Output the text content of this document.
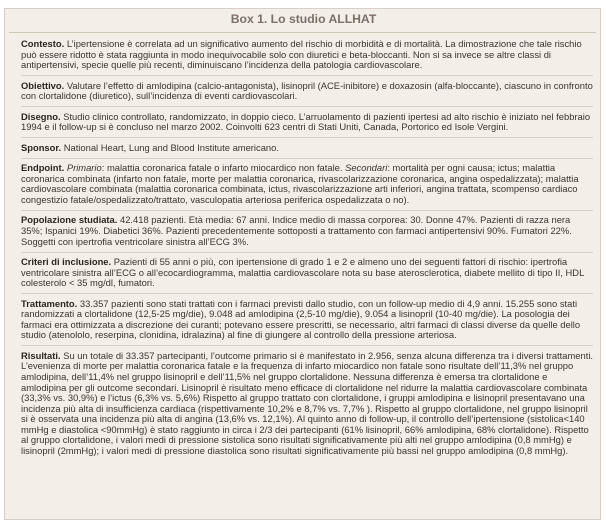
Box 1. Lo studio ALLHAT

Contesto. L’ipertensione è correlata ad un significativo aumento del rischio di morbidità e di mortalità. La dimostrazione che tale rischio può essere ridotto è stata raggiunta in modo inequivocabile solo con diuretici e beta-bloccanti. Non si sa invece se altre classi di antipertensivi, specie quelle più recenti, diminuiscano l’incidenza della patologia cardiovascolare.

Obiettivo. Valutare l’effetto di amlodipina (calcio-antagonista), lisinopril (ACE-inibitore) e doxazosin (alfa-bloccante), ciascuno in confronto con clortalidone (diuretico), sull’incidenza di eventi cardiovascolari.

Disegno. Studio clinico controllato, randomizzato, in doppio cieco. L’arruolamento di pazienti ipertesi ad alto rischio è iniziato nel febbraio 1994 e il follow-up si è concluso nel marzo 2002. Coinvolti 623 centri di Stati Uniti, Canada, Portorico ed Isole Vergini.

Sponsor. National Heart, Lung and Blood Institute americano.

Endpoint. Primario: malattia coronarica fatale o infarto miocardico non fatale. Secondari: mortalità per ogni causa; ictus; malattia coronarica combinata (infarto non fatale, morte per malattia coronarica, rivascolarizzazione coronarica, angina ospedalizzata); malattia cardiovascolare combinata (malattia coronarica combinata, ictus, rivascolarizzazione arti inferiori, angina trattata, scompenso cardiaco congestizio fatale/ospedalizzato/trattato, vasculopatia arteriosa periferica ospedalizzata o no).

Popolazione studiata. 42.418 pazienti. Età media: 67 anni. Indice medio di massa corporea: 30. Donne 47%. Pazienti di razza nera 35%; Ispanici 19%. Diabetici 36%. Pazienti precedentemente sottoposti a trattamento con farmaci antipertensivi 90%. Fumatori 22%. Soggetti con ipertrofia ventricolare sinistra all’ECG 3%.

Criteri di inclusione. Pazienti di 55 anni o più, con ipertensione di grado 1 e 2 e almeno uno dei seguenti fattori di rischio: ipertrofia ventricolare sinistra all’ECG o all’ecocardiogramma, malattia cardiovascolare nota su base aterosclerotica, diabete mellito di tipo II, HDL colesterolo < 35 mg/dl, fumatori.

Trattamento. 33.357 pazienti sono stati trattati con i farmaci previsti dallo studio, con un follow-up medio di 4,9 anni. 15.255 sono stati randomizzati a clortalidone (12,5-25 mg/die), 9.048 ad amlodipina (2,5-10 mg/die), 9.054 a lisinopril (10-40 mg/die). La posologia dei farmaci era ottimizzata a discrezione dei curanti; potevano essere prescritti, se necessario, altri farmaci di classi diverse da quelle dello studio (atenololo, reserpina, clonidina, idralazina) al fine di giungere al controllo della pressione arteriosa.

Risultati. Su un totale di 33.357 partecipanti, l’outcome primario si è manifestato in 2.956, senza alcuna differenza tra i diversi trattamenti. L’evenienza di morte per malattia coronarica fatale e la frequenza di infarto miocardico non fatale sono risultate dell’11,3% nel gruppo amlodipina, dell’11,4% nel gruppo lisinopril e dell’11,5% nel gruppo clortalidone. Nessuna differenza è emersa tra clortalidone e amlodipina per gli outcome secondari. Lisinopril è risultato meno efficace di clortalidone nel ridurre la malattia cardiovascolare combinata (33,3% vs. 30,9%) e l’ictus (6,3% vs. 5,6%) Rispetto al gruppo trattato con clortalidone, i gruppi amlodipina e lisinopril presentavano una incidenza più alta di insufficienza cardiaca (rispettivamente 10,2% e 8,7% vs. 7,7% ). Rispetto al gruppo clortalidone, nel gruppo lisinopril si è osservata una incidenza più alta di angina (13,6% vs. 12,1%). Al quinto anno di follow-up, il controllo dell’ipertensione (sistolica<140 mmHg e diastolica <90mmHg) è stato raggiunto in circa i 2/3 dei partecipanti (61% lisinopril, 66% amlodipina, 68% clortalidone). Rispetto al gruppo clortalidone, i valori medi di pressione sistolica sono risultati significativamente più alti nel gruppo amlodipina (0,8 mmHg) e lisinopril (2mmHg); i valori medi di pressione diastolica sono risultati significativamente più bassi nel gruppo amlodipina (0,8 mmHg).
